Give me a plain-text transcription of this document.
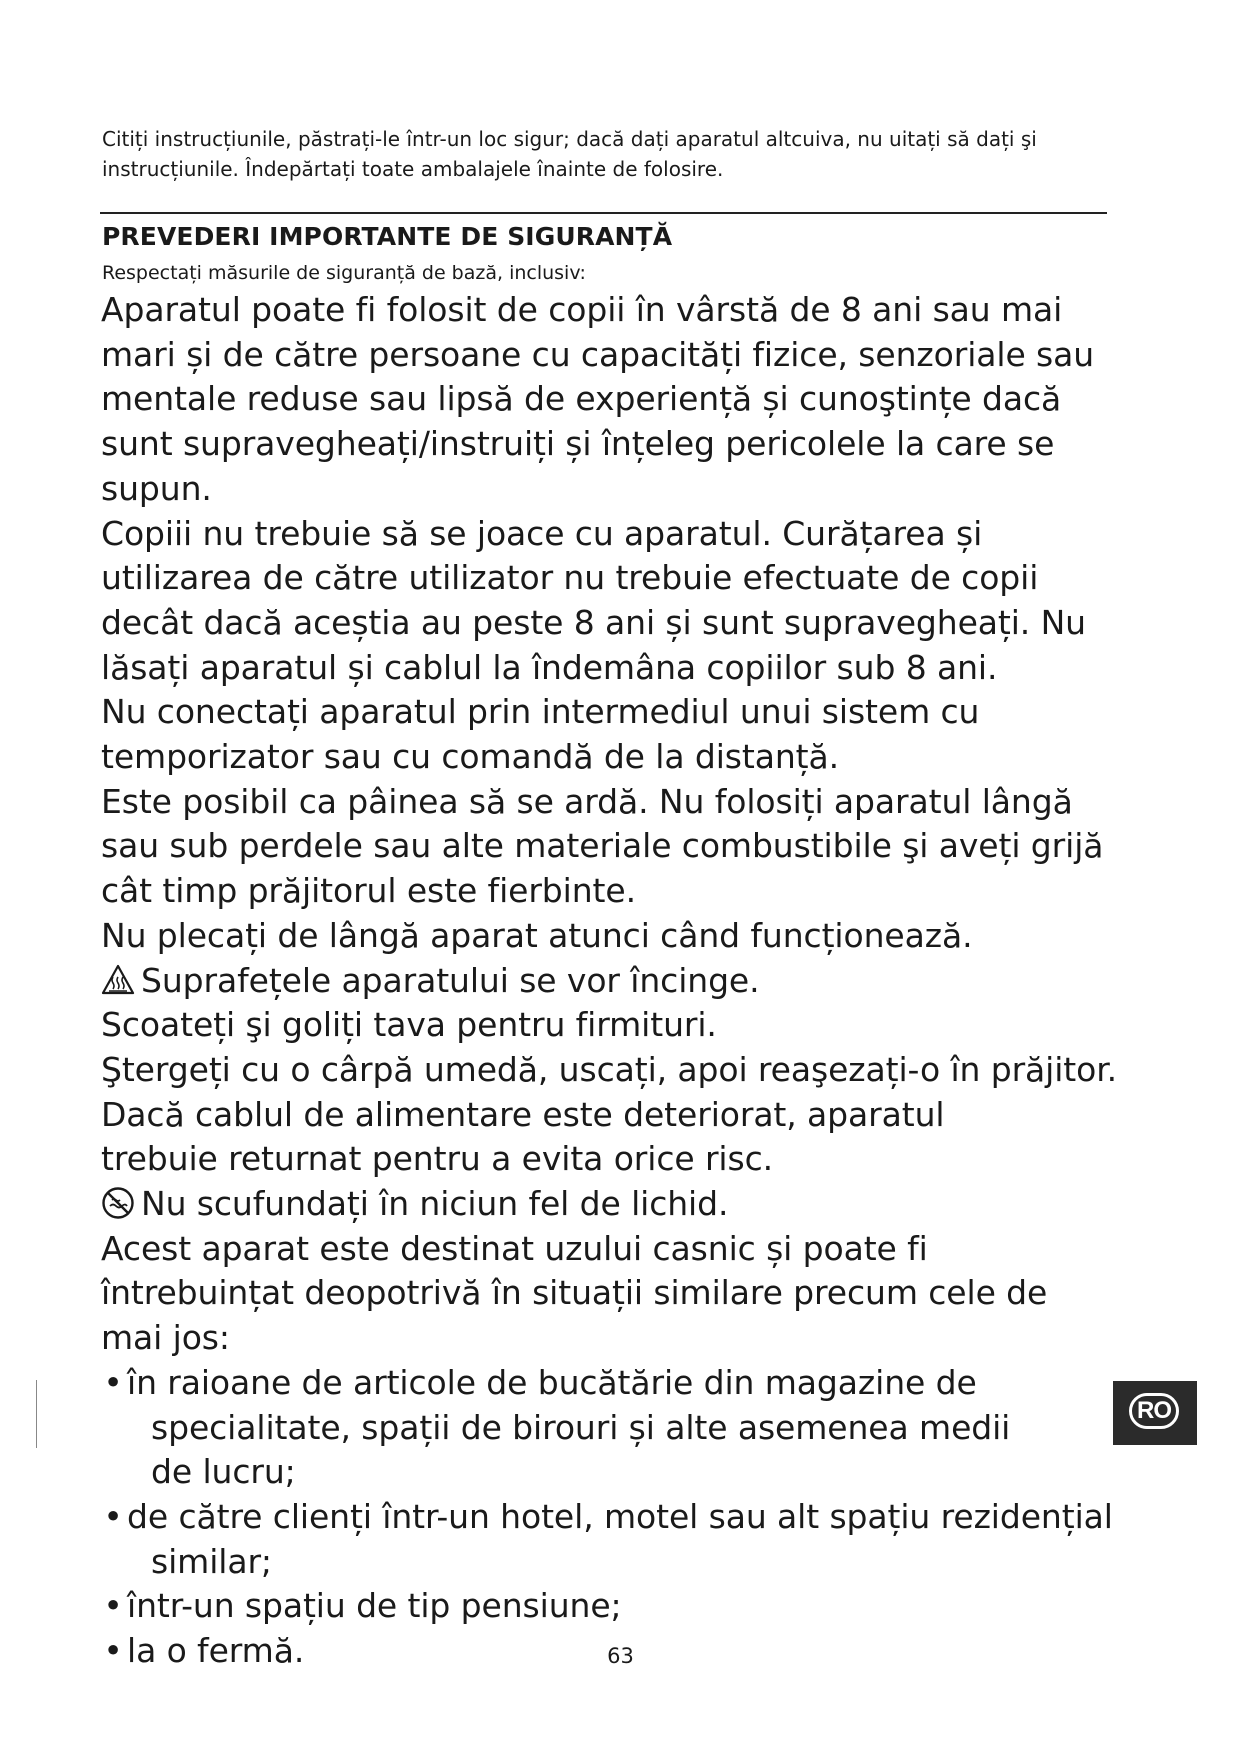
Citiți instrucțiunile, păstrați-le într-un loc sigur; dacă dați aparatul altcuiva, nu uitați să dați şi instrucțiunile. Îndepărtați toate ambalajele înainte de folosire.

PREVEDERI IMPORTANTE DE SIGURANȚĂ

Respectați măsurile de siguranță de bază, inclusiv:

Aparatul poate fi folosit de copii în vârstă de 8 ani sau mai mari și de către persoane cu capacități fizice, senzoriale sau mentale reduse sau lipsă de experiență și cunoştințe dacă sunt supravegheați/instruiți și înțeleg pericolele la care se supun.

Copiii nu trebuie să se joace cu aparatul. Curățarea și utilizarea de către utilizator nu trebuie efectuate de copii decât dacă aceștia au peste 8 ani și sunt supravegheați. Nu lăsați aparatul și cablul la îndemâna copiilor sub 8 ani.

Nu conectați aparatul prin intermediul unui sistem cu temporizator sau cu comandă de la distanță.

Este posibil ca pâinea să se ardă. Nu folosiți aparatul lângă sau sub perdele sau alte materiale combustibile şi aveți grijă cât timp prăjitorul este fierbinte.

Nu plecați de lângă aparat atunci când funcționează.

Suprafețele aparatului se vor încinge.

Scoateți şi goliți tava pentru firmituri.

Ştergeți cu o cârpă umedă, uscați, apoi reaşezați-o în prăjitor.

Dacă cablul de alimentare este deteriorat, aparatul trebuie returnat pentru a evita orice risc.

Nu scufundați în niciun fel de lichid.

Acest aparat este destinat uzului casnic și poate fi întrebuințat deopotrivă în situații similare precum cele de mai jos:

• în raioane de articole de bucătărie din magazine de specialitate, spații de birouri și alte asemenea medii de lucru;
• de către clienți într-un hotel, motel sau alt spațiu rezidențial similar;
• într-un spațiu de tip pensiune;
• la o fermă.
RO

63
